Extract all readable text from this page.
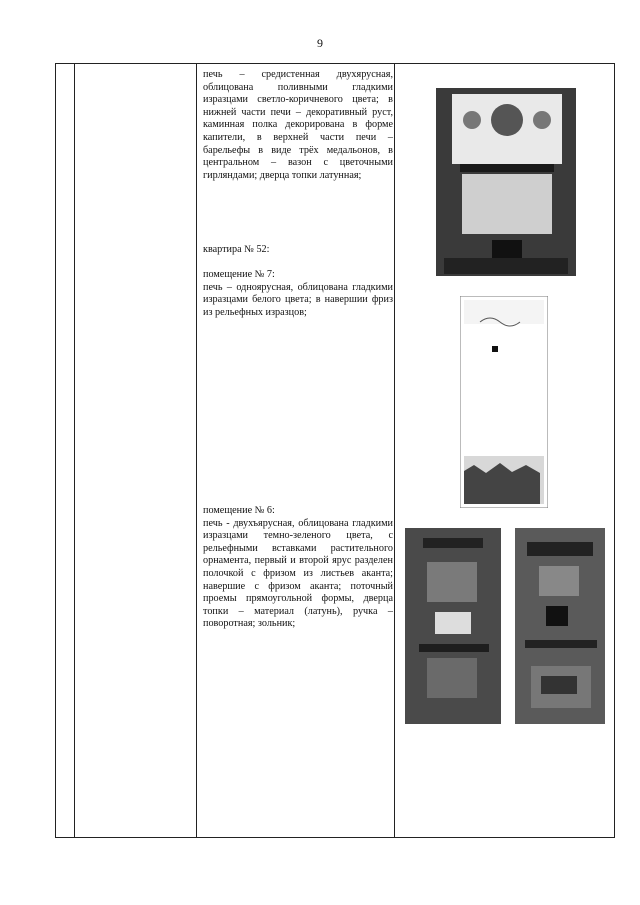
9

печь – средистенная двухярусная, облицована поливными гладкими изразцами светло-коричневого цвета; в нижней части печи – декоративный руст, каминная полка декорирована в форме капители, в верхней части печи – барельефы в виде трёх медальонов, в центральном – вазон с цветочными гирляндами; дверца топки латунная;

квартира № 52:

помещение № 7:

печь – одноярусная, облицована гладкими изразцами белого цвета; в навершии фриз из рельефных изразцов;

помещение № 6:

печь - двухъярусная, облицована гладкими изразцами темно-зеленого цвета, с рельефными вставками растительного орнамента, первый и второй ярус разделен полочкой с фризом из листьев аканта; навершие с фризом аканта; поточный проемы прямоугольной формы, дверца топки – материал (латунь), ручка – поворотная; зольник;
